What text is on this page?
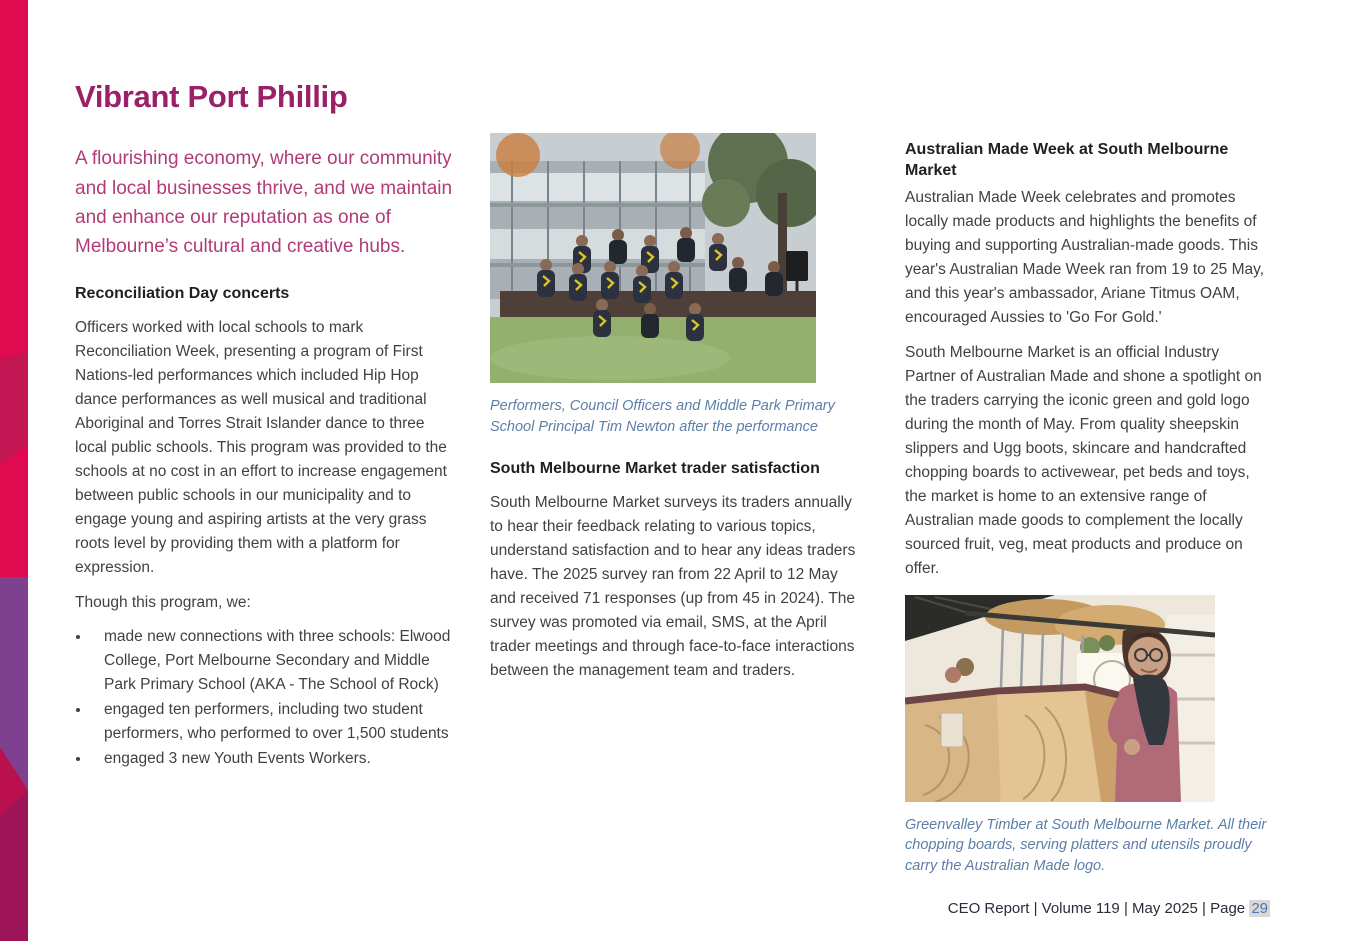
Vibrant Port Phillip

A flourishing economy, where our community and local businesses thrive, and we maintain and enhance our reputation as one of Melbourne’s cultural and creative hubs.

Reconciliation Day concerts

Officers worked with local schools to mark Reconciliation Week, presenting a program of First Nations-led performances which included Hip Hop dance performances as well musical and traditional Aboriginal and Torres Strait Islander dance to three local public schools. This program was provided to the schools at no cost in an effort to increase engagement between public schools in our municipality and to engage young and aspiring artists at the very grass roots level by providing them with a platform for expression.

Though this program, we:

• made new connections with three schools: Elwood College, Port Melbourne Secondary and Middle Park Primary School (AKA - The School of Rock)
• engaged ten performers, including two student performers, who performed to over 1,500 students
• engaged 3 new Youth Events Workers.

Performers, Council Officers and Middle Park Primary School Principal Tim Newton after the performance

South Melbourne Market trader satisfaction

South Melbourne Market surveys its traders annually to hear their feedback relating to various topics, understand satisfaction and to hear any ideas traders have. The 2025 survey ran from 22 April to 12 May and received 71 responses (up from 45 in 2024). The survey was promoted via email, SMS, at the April trader meetings and through face-to-face interactions between the management team and traders.

Australian Made Week at South Melbourne Market

Australian Made Week celebrates and promotes locally made products and highlights the benefits of buying and supporting Australian-made goods. This year's Australian Made Week ran from 19 to 25 May, and this year's ambassador, Ariane Titmus OAM, encouraged Aussies to 'Go For Gold.'

South Melbourne Market is an official Industry Partner of Australian Made and shone a spotlight on the traders carrying the iconic green and gold logo during the month of May. From quality sheepskin slippers and Ugg boots, skincare and handcrafted chopping boards to activewear, pet beds and toys, the market is home to an extensive range of Australian made goods to complement the locally sourced fruit, veg, meat products and produce on offer.

Greenvalley Timber at South Melbourne Market. All their chopping boards, serving platters and utensils proudly carry the Australian Made logo.

CEO Report | Volume 119 | May 2025 | Page 29
